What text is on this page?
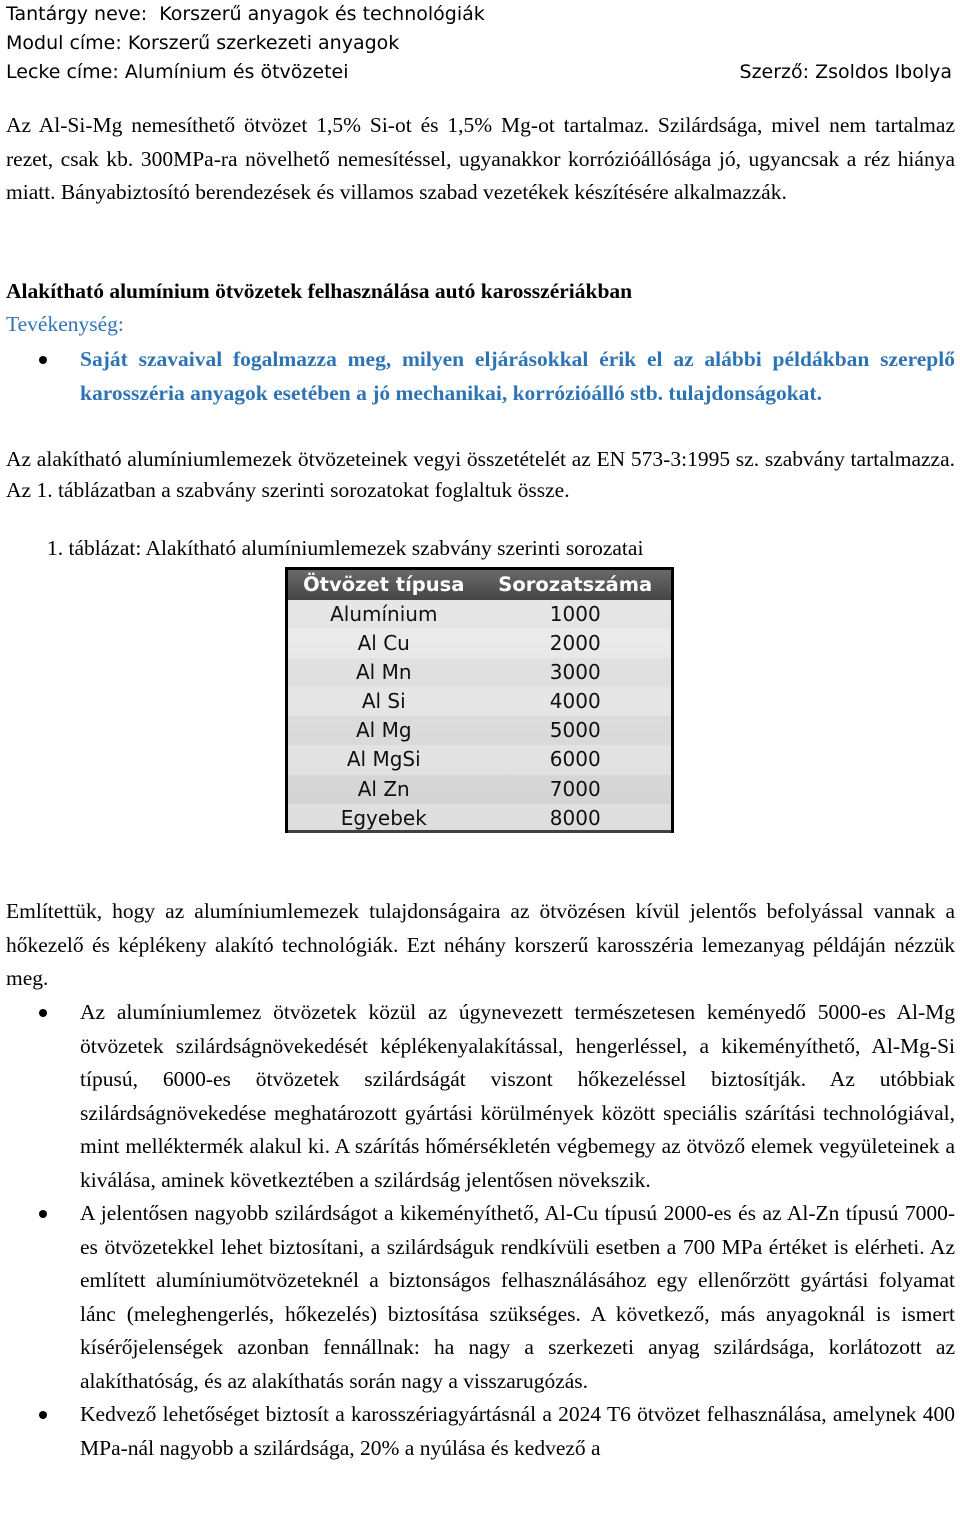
Tantárgy neve: Korszerű anyagok és technológiák
Modul címe: Korszerű szerkezeti anyagok
Lecke címe: Alumínium és ötvözetei	Szerző: Zsoldos Ibolya

Az Al-Si-Mg nemesíthető ötvözet 1,5% Si-ot és 1,5% Mg-ot tartalmaz. Szilárdsága, mivel nem tartalmaz rezet, csak kb. 300MPa-ra növelhető nemesítéssel, ugyanakkor korrózióállósága jó, ugyancsak a réz hiánya miatt. Bányabiztosító berendezések és villamos szabad vezetékek készítésére alkalmazzák.

Alakítható alumínium ötvözetek felhasználása autó karosszériákban
Tevékenység:
Saját szavaival fogalmazza meg, milyen eljárásokkal érik el az alábbi példákban szereplő karosszéria anyagok esetében a jó mechanikai, korrózióálló stb. tulajdonságokat.

Az alakítható alumíniumlemezek ötvözeteinek vegyi összetételét az EN 573-3:1995 sz. szabvány tartalmazza. Az 1. táblázatban a szabvány szerinti sorozatokat foglaltuk össze.

1. táblázat: Alakítható alumíniumlemezek szabvány szerinti sorozatai
Ötvözet típusa	Sorozatszáma
Alumínium	1000
Al Cu	2000
Al Mn	3000
Al Si	4000
Al Mg	5000
Al MgSi	6000
Al Zn	7000
Egyebek	8000

Említettük, hogy az alumíniumlemezek tulajdonságaira az ötvözésen kívül jelentős befolyással vannak a hőkezelő és képlékeny alakító technológiák. Ezt néhány korszerű karosszéria lemezanyag példáján nézzük meg.

Az alumíniumlemez ötvözetek közül az úgynevezett természetesen keményedő 5000-es Al-Mg ötvözetek szilárdságnövekedését képlékenyalakítással, hengerléssel, a kikeményíthető, Al-Mg-Si típusú, 6000-es ötvözetek szilárdságát viszont hőkezeléssel biztosítják. Az utóbbiak szilárdságnövekedése meghatározott gyártási körülmények között speciális szárítási technológiával, mint melléktermék alakul ki. A szárítás hőmérsékletén végbemegy az ötvöző elemek vegyületeinek a kiválása, aminek következtében a szilárdság jelentősen növekszik.
A jelentősen nagyobb szilárdságot a kikeményíthető, Al-Cu típusú 2000-es és az Al-Zn típusú 7000-es ötvözetekkel lehet biztosítani, a szilárdságuk rendkívüli esetben a 700 MPa értéket is elérheti. Az említett alumíniumötvözeteknél a biztonságos felhasználásához egy ellenőrzött gyártási folyamat lánc (meleghengerlés, hőkezelés) biztosítása szükséges. A következő, más anyagoknál is ismert kísérőjelenségek azonban fennállnak: ha nagy a szerkezeti anyag szilárdsága, korlátozott az alakíthatóság, és az alakíthatás során nagy a visszarugózás.
Kedvező lehetőséget biztosít a karosszériagyártásnál a 2024 T6 ötvözet felhasználása, amelynek 400 MPa-nál nagyobb a szilárdsága, 20% a nyúlása és kedvező a
